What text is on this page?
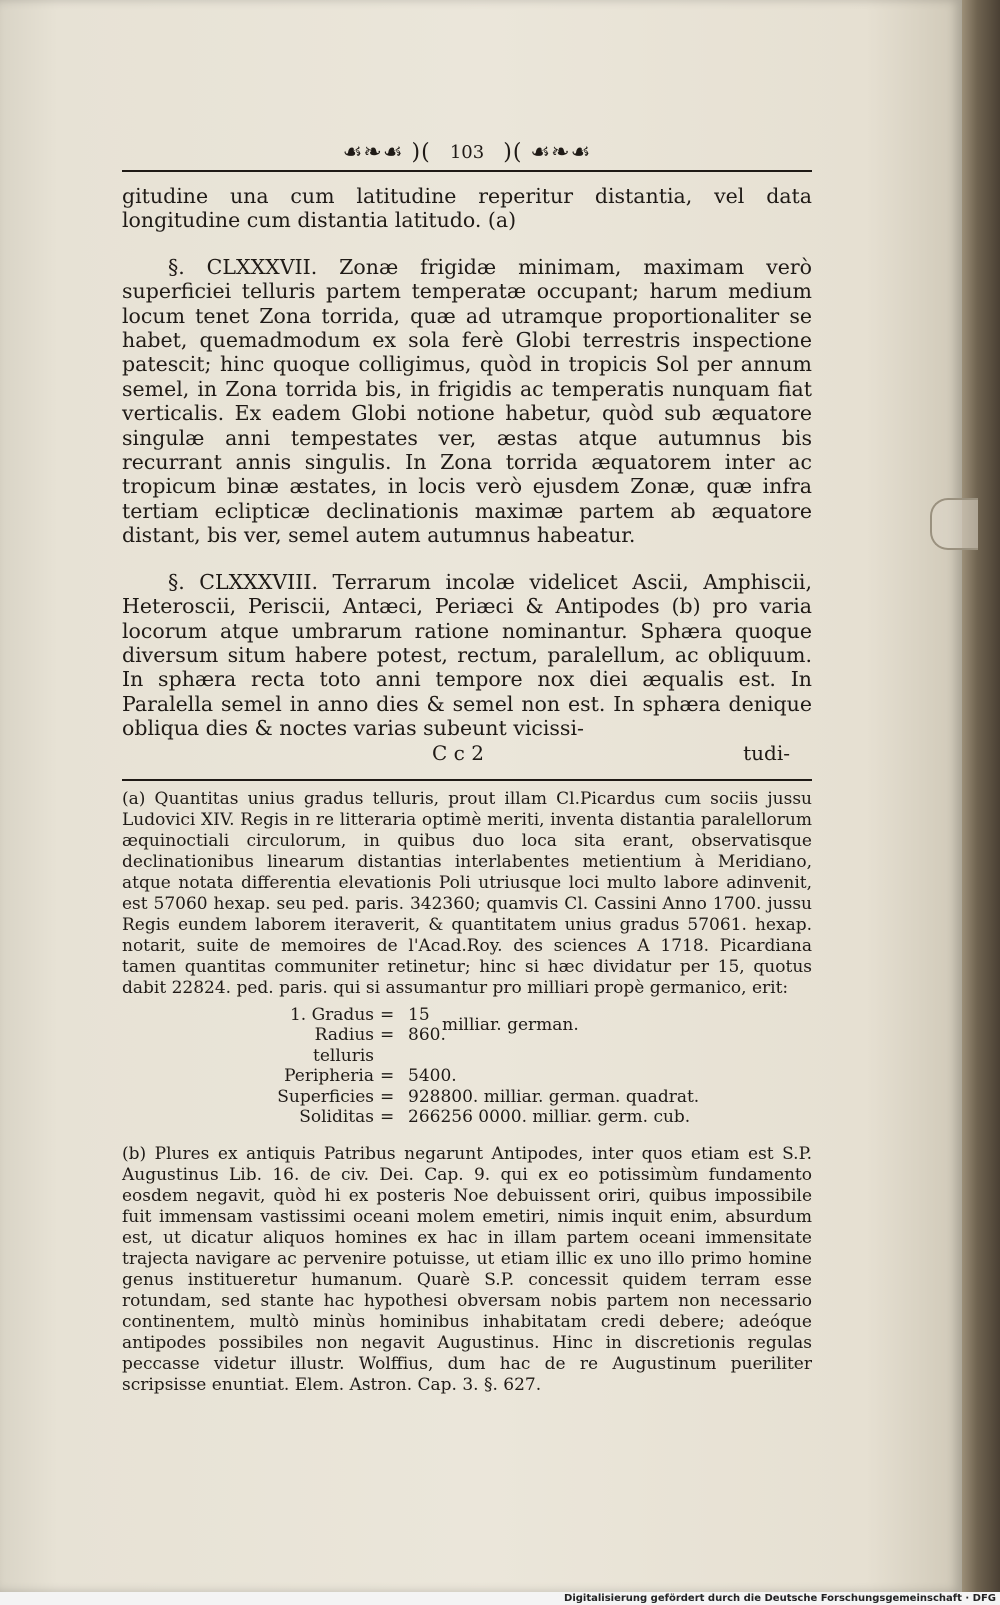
☙❧☙ )( 103 )( ☙❧☙

gitudine una cum latitudine reperitur distantia, vel data longitudine cum distantia latitudo. (a)

§. CLXXXVII. Zonæ frigidæ minimam, maximam verò superficiei telluris partem temperatæ occupant; harum medium locum tenet Zona torrida, quæ ad utramque proportionaliter se habet, quemadmodum ex sola ferè Globi terrestris inspectione patescit; hinc quoque colligimus, quòd in tropicis Sol per annum semel, in Zona torrida bis, in frigidis ac temperatis nunquam fiat verticalis. Ex eadem Globi notione habetur, quòd sub æquatore singulæ anni tempestates ver, æstas atque autumnus bis recurrant annis singulis. In Zona torrida æquatorem inter ac tropicum binæ æstates, in locis verò ejusdem Zonæ, quæ infra tertiam eclipticæ declinationis maximæ partem ab æquatore distant, bis ver, semel autem autumnus habeatur.

§. CLXXXVIII. Terrarum incolæ videlicet Ascii, Amphiscii, Heteroscii, Periscii, Antæci, Periæci & Antipodes (b) pro varia locorum atque umbrarum ratione nominantur. Sphæra quoque diversum situm habere potest, rectum, paralellum, ac obliquum. In sphæra recta toto anni tempore nox diei æqualis est. In Paralella semel in anno dies & semel non est. In sphæra denique obliqua dies & noctes varias subeunt vicissi-

C c 2	tudi-

(a) Quantitas unius gradus telluris, prout illam Cl.Picardus cum sociis jussu Ludovici XIV. Regis in re litteraria optimè meriti, inventa distantia paralellorum æquinoctiali circulorum, in quibus duo loca sita erant, observatisque declinationibus linearum distantias interlabentes metientium à Meridiano, atque notata differentia elevationis Poli utriusque loci multo labore adinvenit, est 57060 hexap. seu ped. paris. 342360; quamvis Cl. Cassini Anno 1700. jussu Regis eundem laborem iteraverit, & quantitatem unius gradus 57061. hexap. notarit, suite de memoires de l'Acad.Roy. des sciences A 1718. Picardiana tamen quantitas communiter retinetur; hinc si hæc dividatur per 15, quotus dabit 22824. ped. paris. qui si assumantur pro milliari propè germanico, erit:

1. Gradus = 15
Radius telluris
= 860.
Peripheria = 5400.
Superficies = 928800. milliar. german. quadrat.
Soliditas = 266256 0000. milliar. germ. cub.
milliar. german.

(b) Plures ex antiquis Patribus negarunt Antipodes, inter quos etiam est S.P. Augustinus Lib. 16. de civ. Dei. Cap. 9. qui ex eo potissimùm fundamento eosdem negavit, quòd hi ex posteris Noe debuissent oriri, quibus impossibile fuit immensam vastissimi oceani molem emetiri, nimis inquit enim, absurdum est, ut dicatur aliquos homines ex hac in illam partem oceani immensitate trajecta navigare ac pervenire potuisse, ut etiam illic ex uno illo primo homine genus institueretur humanum. Quarè S.P. concessit quidem terram esse rotundam, sed stante hac hypothesi obversam nobis partem non necessario continentem, multò minùs hominibus inhabitatam credi debere; adeóque antipodes possibiles non negavit Augustinus. Hinc in discretionis regulas peccasse videtur illustr. Wolffius, dum hac de re Augustinum pueriliter scripsisse enuntiat. Elem. Astron. Cap. 3. §. 627.

Digitalisierung gefördert durch die Deutsche Forschungsgemeinschaft · DFG
